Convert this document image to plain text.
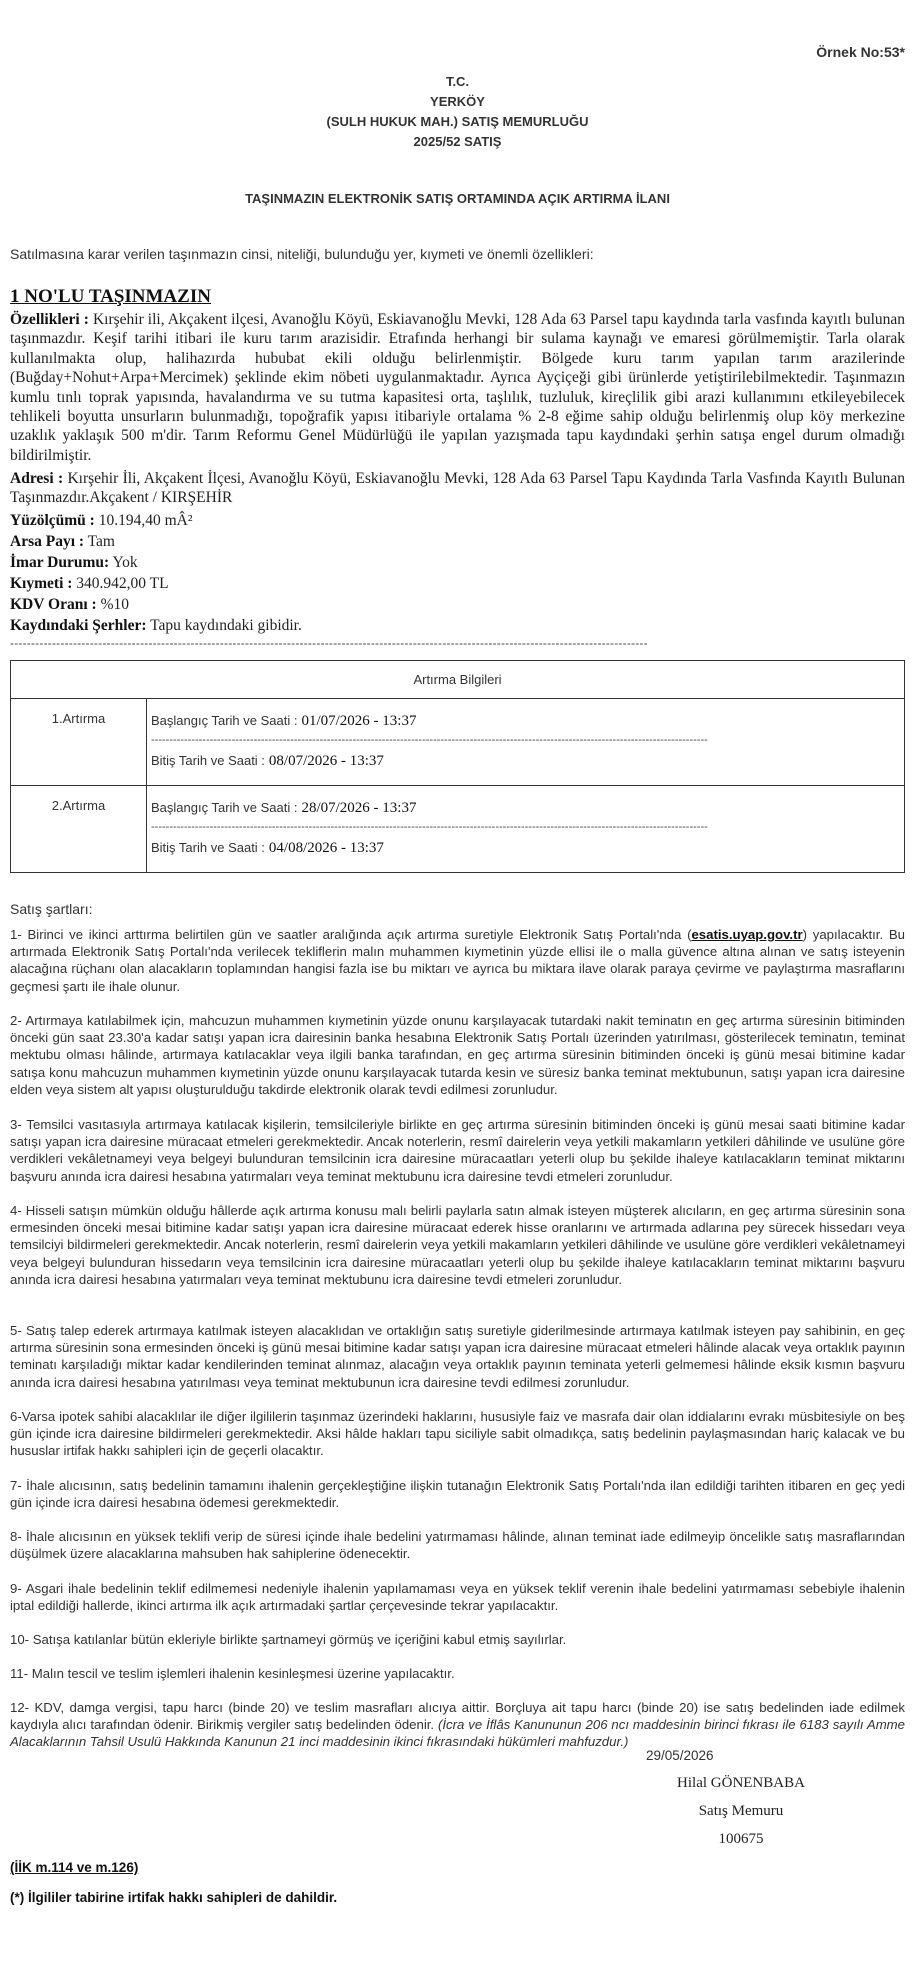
Örnek No:53*
T.C.
YERKÖY
(SULH HUKUK MAH.) SATIŞ MEMURLUĞU
2025/52 SATIŞ
TAŞINMAZIN ELEKTRONİK SATIŞ ORTAMINDA AÇIK ARTIRMA İLANI
Satılmasına karar verilen taşınmazın cinsi, niteliği, bulunduğu yer, kıymeti ve önemli özellikleri:
1 NO'LU TAŞINMAZIN
Özellikleri : Kırşehir ili, Akçakent ilçesi, Avanoğlu Köyü, Eskiavanoğlu Mevki, 128 Ada 63 Parsel tapu kaydında tarla vasfında kayıtlı bulunan taşınmazdır. Keşif tarihi itibari ile kuru tarım arazisidir. Etrafında herhangi bir sulama kaynağı ve emaresi görülmemiştir. Tarla olarak kullanılmakta olup, halihazırda hububat ekili olduğu belirlenmiştir. Bölgede kuru tarım yapılan tarım arazilerinde (Buğday+Nohut+Arpa+Mercimek) şeklinde ekim nöbeti uygulanmaktadır. Ayrıca Ayçiçeği gibi ürünlerde yetiştirilebilmektedir. Taşınmazın kumlu tınlı toprak yapısında, havalandırma ve su tutma kapasitesi orta, taşlılık, tuzluluk, kireçlilik gibi arazi kullanımını etkileyebilecek tehlikeli boyutta unsurların bulunmadığı, topoğrafik yapısı itibariyle ortalama % 2-8 eğime sahip olduğu belirlenmiş olup köy merkezine uzaklık yaklaşık 500 m'dir. Tarım Reformu Genel Müdürlüğü ile yapılan yazışmada tapu kaydındaki şerhin satışa engel durum olmadığı bildirilmiştir.
Adresi : Kırşehir İli, Akçakent İlçesi, Avanoğlu Köyü, Eskiavanoğlu Mevki, 128 Ada 63 Parsel Tapu Kaydında Tarla Vasfında Kayıtlı Bulunan Taşınmazdır.Akçakent / KIRŞEHİR
Yüzölçümü : 10.194,40 mÂ²
Arsa Payı : Tam
İmar Durumu: Yok
Kıymeti : 340.942,00 TL
KDV Oranı : %10
Kaydındaki Şerhler: Tapu kaydındaki gibidir.
--------------------------------------------------------------------------------------------------------------------------------------------------------
Artırma Bilgileri	
1.Artırma	Başlangıç Tarih ve Saati : 01/07/2026 - 13:37
--------------------------------------------------------------------------------------------------------------------------------------------------------
Bitiş Tarih ve Saati : 08/07/2026 - 13:37

2.Artırma	Başlangıç Tarih ve Saati : 28/07/2026 - 13:37
--------------------------------------------------------------------------------------------------------------------------------------------------------
Bitiş Tarih ve Saati : 04/08/2026 - 13:37
Satış şartları:
1- Birinci ve ikinci arttırma belirtilen gün ve saatler aralığında açık artırma suretiyle Elektronik Satış Portalı'nda (esatis.uyap.gov.tr) yapılacaktır. Bu artırmada Elektronik Satış Portalı'nda verilecek tekliflerin malın muhammen kıymetinin yüzde ellisi ile o malla güvence altına alınan ve satış isteyenin alacağına rüçhanı olan alacakların toplamından hangisi fazla ise bu miktarı ve ayrıca bu miktara ilave olarak paraya çevirme ve paylaştırma masraflarını geçmesi şartı ile ihale olunur.
2- Artırmaya katılabilmek için, mahcuzun muhammen kıymetinin yüzde onunu karşılayacak tutardaki nakit teminatın en geç artırma süresinin bitiminden önceki gün saat 23.30'a kadar satışı yapan icra dairesinin banka hesabına Elektronik Satış Portalı üzerinden yatırılması, gösterilecek teminatın, teminat mektubu olması hâlinde, artırmaya katılacaklar veya ilgili banka tarafından, en geç artırma süresinin bitiminden önceki iş günü mesai bitimine kadar satışa konu mahcuzun muhammen kıymetinin yüzde onunu karşılayacak tutarda kesin ve süresiz banka teminat mektubunun, satışı yapan icra dairesine elden veya sistem alt yapısı oluşturulduğu takdirde elektronik olarak tevdi edilmesi zorunludur.
3- Temsilci vasıtasıyla artırmaya katılacak kişilerin, temsilcileriyle birlikte en geç artırma süresinin bitiminden önceki iş günü mesai saati bitimine kadar satışı yapan icra dairesine müracaat etmeleri gerekmektedir. Ancak noterlerin, resmî dairelerin veya yetkili makamların yetkileri dâhilinde ve usulüne göre verdikleri vekâletnameyi veya belgeyi bulunduran temsilcinin icra dairesine müracaatları yeterli olup bu şekilde ihaleye katılacakların teminat miktarını başvuru anında icra dairesi hesabına yatırmaları veya teminat mektubunu icra dairesine tevdi etmeleri zorunludur.
4- Hisseli satışın mümkün olduğu hâllerde açık artırma konusu malı belirli paylarla satın almak isteyen müşterek alıcıların, en geç artırma süresinin sona ermesinden önceki mesai bitimine kadar satışı yapan icra dairesine müracaat ederek hisse oranlarını ve artırmada adlarına pey sürecek hissedarı veya temsilciyi bildirmeleri gerekmektedir. Ancak noterlerin, resmî dairelerin veya yetkili makamların yetkileri dâhilinde ve usulüne göre verdikleri vekâletnameyi veya belgeyi bulunduran hissedarın veya temsilcinin icra dairesine müracaatları yeterli olup bu şekilde ihaleye katılacakların teminat miktarını başvuru anında icra dairesi hesabına yatırmaları veya teminat mektubunu icra dairesine tevdi etmeleri zorunludur.
5- Satış talep ederek artırmaya katılmak isteyen alacaklıdan ve ortaklığın satış suretiyle giderilmesinde artırmaya katılmak isteyen pay sahibinin, en geç artırma süresinin sona ermesinden önceki iş günü mesai bitimine kadar satışı yapan icra dairesine müracaat etmeleri hâlinde alacak veya ortaklık payının teminatı karşıladığı miktar kadar kendilerinden teminat alınmaz, alacağın veya ortaklık payının teminata yeterli gelmemesi hâlinde eksik kısmın başvuru anında icra dairesi hesabına yatırılması veya teminat mektubunun icra dairesine tevdi edilmesi zorunludur.
6-Varsa ipotek sahibi alacaklılar ile diğer ilgililerin taşınmaz üzerindeki haklarını, hususiyle faiz ve masrafa dair olan iddialarını evrakı müsbitesiyle on beş gün içinde icra dairesine bildirmeleri gerekmektedir. Aksi hâlde hakları tapu siciliyle sabit olmadıkça, satış bedelinin paylaşmasından hariç kalacak ve bu hususlar irtifak hakkı sahipleri için de geçerli olacaktır.
7- İhale alıcısının, satış bedelinin tamamını ihalenin gerçekleştiğine ilişkin tutanağın Elektronik Satış Portalı'nda ilan edildiği tarihten itibaren en geç yedi gün içinde icra dairesi hesabına ödemesi gerekmektedir.
8- İhale alıcısının en yüksek teklifi verip de süresi içinde ihale bedelini yatırmaması hâlinde, alınan teminat iade edilmeyip öncelikle satış masraflarından düşülmek üzere alacaklarına mahsuben hak sahiplerine ödenecektir.
9- Asgari ihale bedelinin teklif edilmemesi nedeniyle ihalenin yapılamaması veya en yüksek teklif verenin ihale bedelini yatırmaması sebebiyle ihalenin iptal edildiği hallerde, ikinci artırma ilk açık artırmadaki şartlar çerçevesinde tekrar yapılacaktır.
10- Satışa katılanlar bütün ekleriyle birlikte şartnameyi görmüş ve içeriğini kabul etmiş sayılırlar.
11- Malın tescil ve teslim işlemleri ihalenin kesinleşmesi üzerine yapılacaktır.
12- KDV, damga vergisi, tapu harcı (binde 20) ve teslim masrafları alıcıya aittir. Borçluya ait tapu harcı (binde 20) ise satış bedelinden iade edilmek kaydıyla alıcı tarafından ödenir. Birikmiş vergiler satış bedelinden ödenir. (İcra ve İflâs Kanununun 206 ncı maddesinin birinci fıkrası ile 6183 sayılı Amme Alacaklarının Tahsil Usulü Hakkında Kanunun 21 inci maddesinin ikinci fıkrasındaki hükümleri mahfuzdur.)
29/05/2026
Hilal GÖNENBABA
Satış Memuru
100675
(İİK m.114 ve m.126)
(*) İlgililer tabirine irtifak hakkı sahipleri de dahildir.
